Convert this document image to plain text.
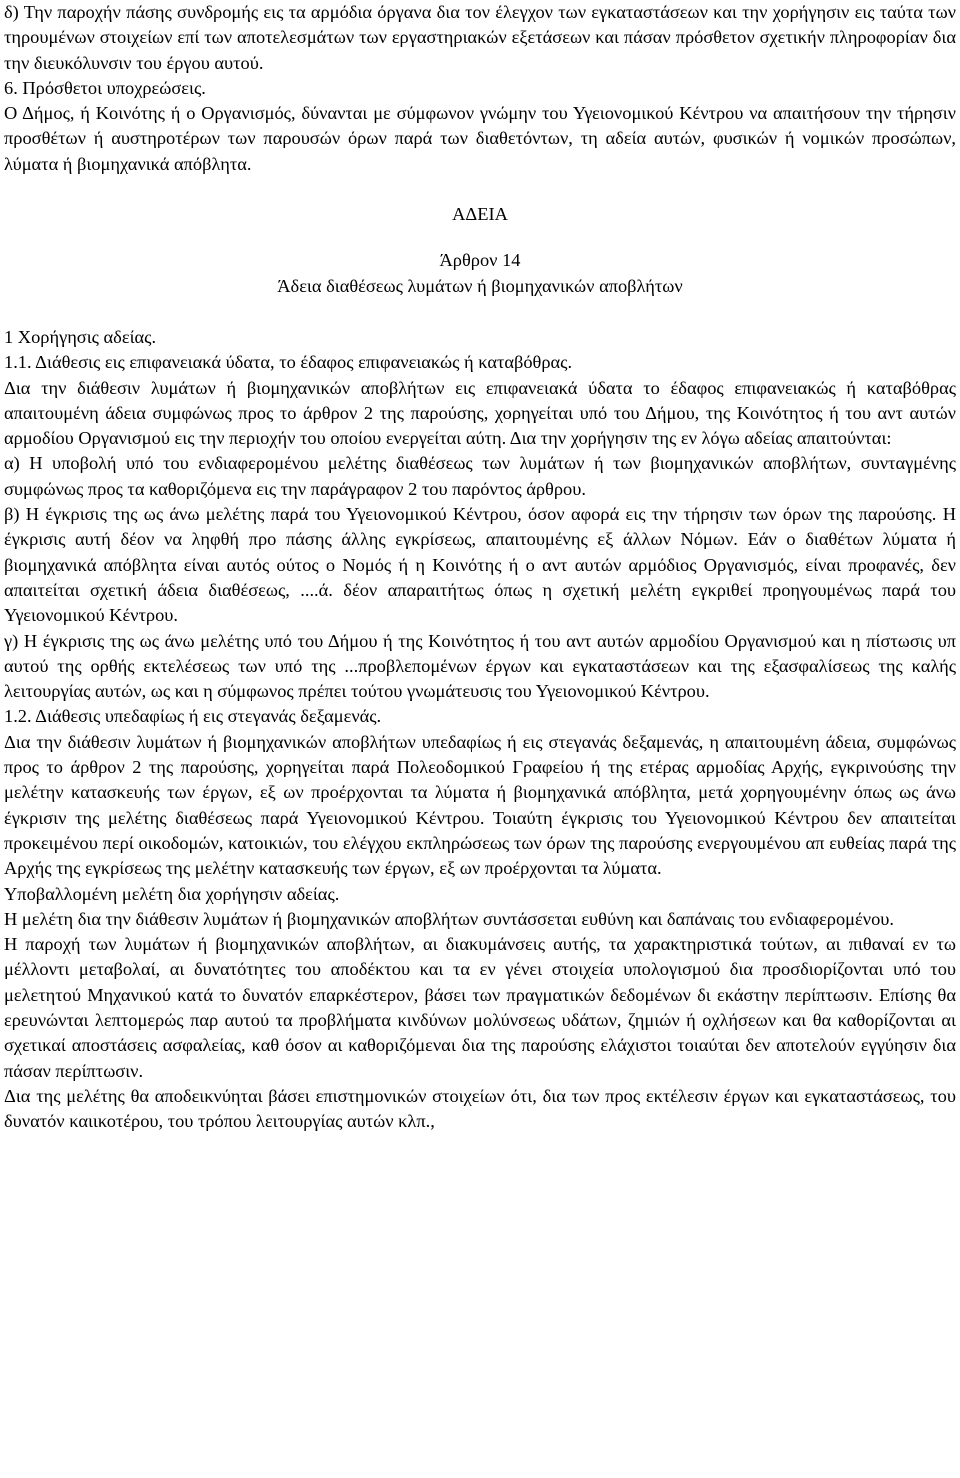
δ) Την παροχήν πάσης συνδρομής εις τα αρμόδια όργανα δια τον έλεγχον των εγκαταστάσεων και την χορήγησιν εις ταύτα των τηρουμένων στοιχείων επί των αποτελεσμάτων των εργαστηριακών εξετάσεων και πάσαν πρόσθετον σχετικήν πληροφορίαν δια την διευκόλυνσιν του έργου αυτού.

6. Πρόσθετοι υποχρεώσεις.

Ο Δήμος, ή Κοινότης ή ο Οργανισμός, δύνανται με σύμφωνον γνώμην του Υγειονομικού Κέντρου να απαιτήσουν την τήρησιν προσθέτων ή αυστηροτέρων των παρουσών όρων παρά των διαθετόντων, τη αδεία αυτών, φυσικών ή νομικών προσώπων, λύματα ή βιομηχανικά απόβλητα.

ΑΔΕΙΑ

Άρθρον 14

Άδεια διαθέσεως λυμάτων ή βιομηχανικών αποβλήτων

1 Χορήγησις αδείας.

1.1. Διάθεσις εις επιφανειακά ύδατα, το έδαφος επιφανειακώς ή καταβόθρας.

Δια την διάθεσιν λυμάτων ή βιομηχανικών αποβλήτων εις επιφανειακά ύδατα το έδαφος επιφανειακώς ή καταβόθρας απαιτουμένη άδεια συμφώνως προς το άρθρον 2 της παρούσης, χορηγείται υπό του Δήμου, της Κοινότητος ή του αντ αυτών αρμοδίου Οργανισμού εις την περιοχήν του οποίου ενεργείται αύτη. Δια την χορήγησιν της εν λόγω αδείας απαιτούνται:

α) Η υποβολή υπό του ενδιαφερομένου μελέτης διαθέσεως των λυμάτων ή των βιομηχανικών αποβλήτων, συνταγμένης συμφώνως προς τα καθοριζόμενα εις την παράγραφον 2 του παρόντος άρθρου.

β) Η έγκρισις της ως άνω μελέτης παρά του Υγειονομικού Κέντρου, όσον αφορά εις την τήρησιν των όρων της παρούσης. Η έγκρισις αυτή δέον να ληφθή προ πάσης άλλης εγκρίσεως, απαιτουμένης εξ άλλων Νόμων. Εάν ο διαθέτων λύματα ή βιομηχανικά απόβλητα είναι αυτός ούτος ο Νομός ή η Κοινότης ή ο αντ αυτών αρμόδιος Οργανισμός, είναι προφανές, δεν απαιτείται σχετική άδεια διαθέσεως, ....ά. δέον απαραιτήτως όπως η σχετική μελέτη εγκριθεί προηγουμένως παρά του Υγειονομικού Κέντρου.

γ) Η έγκρισις της ως άνω μελέτης υπό του Δήμου ή της Κοινότητος ή του αντ αυτών αρμοδίου Οργανισμού και η πίστωσις υπ αυτού της ορθής εκτελέσεως των υπό της ...προβλεπομένων έργων και εγκαταστάσεων και της εξασφαλίσεως της καλής λειτουργίας αυτών, ως και η σύμφωνος πρέπει τούτου γνωμάτευσις του Υγειονομικού Κέντρου.

1.2. Διάθεσις υπεδαφίως ή εις στεγανάς δεξαμενάς.

Δια την διάθεσιν λυμάτων ή βιομηχανικών αποβλήτων υπεδαφίως ή εις στεγανάς δεξαμενάς, η απαιτουμένη άδεια, συμφώνως προς το άρθρον 2 της παρούσης, χορηγείται παρά Πολεοδομικού Γραφείου ή της ετέρας αρμοδίας Αρχής, εγκρινούσης την μελέτην κατασκευής των έργων, εξ ων προέρχονται τα λύματα ή βιομηχανικά απόβλητα, μετά χορηγουμένην όπως ως άνω έγκρισιν της μελέτης διαθέσεως παρά Υγειονομικού Κέντρου. Τοιαύτη έγκρισις του Υγειονομικού Κέντρου δεν απαιτείται προκειμένου περί οικοδομών, κατοικιών, του ελέγχου εκπληρώσεως των όρων της παρούσης ενεργουμένου απ ευθείας παρά της Αρχής της εγκρίσεως της μελέτην κατασκευής των έργων, εξ ων προέρχονται τα λύματα.

Υποβαλλομένη μελέτη δια χορήγησιν αδείας.

Η μελέτη δια την διάθεσιν λυμάτων ή βιομηχανικών αποβλήτων συντάσσεται ευθύνη και δαπάναις του ενδιαφερομένου.

Η παροχή των λυμάτων ή βιομηχανικών αποβλήτων, αι διακυμάνσεις αυτής, τα χαρακτηριστικά τούτων, αι πιθαναί εν τω μέλλοντι μεταβολαί, αι δυνατότητες του αποδέκτου και τα εν γένει στοιχεία υπολογισμού δια προσδιορίζονται υπό του μελετητού Μηχανικού κατά το δυνατόν επαρκέστερον, βάσει των πραγματικών δεδομένων δι εκάστην περίπτωσιν. Επίσης θα ερευνώνται λεπτομερώς παρ αυτού τα προβλήματα κινδύνων μολύνσεως υδάτων, ζημιών ή οχλήσεων και θα καθορίζονται αι σχετικαί αποστάσεις ασφαλείας, καθ όσον αι καθοριζόμεναι δια της παρούσης ελάχιστοι τοιαύται δεν αποτελούν εγγύησιν δια πάσαν περίπτωσιν.

Δια της μελέτης θα αποδεικνύηται βάσει επιστημονικών στοιχείων ότι, δια των προς εκτέλεσιν έργων και εγκαταστάσεως, του δυνατόν καιικοτέρου, του τρόπου λειτουργίας αυτών κλπ.,
